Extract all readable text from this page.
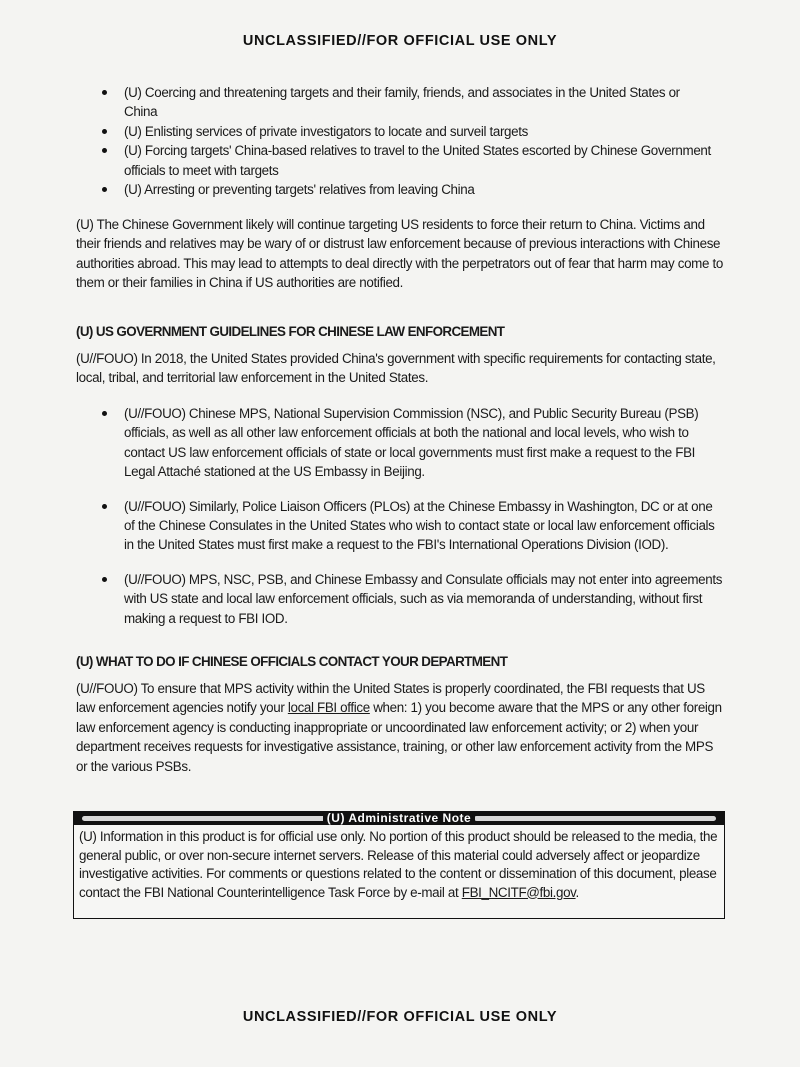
UNCLASSIFIED//FOR OFFICIAL USE ONLY
(U) Coercing and threatening targets and their family, friends, and associates in the United States or China
(U) Enlisting services of private investigators to locate and surveil targets
(U) Forcing targets' China-based relatives to travel to the United States escorted by Chinese Government officials to meet with targets
(U) Arresting or preventing targets' relatives from leaving China

(U) The Chinese Government likely will continue targeting US residents to force their return to China. Victims and their friends and relatives may be wary of or distrust law enforcement because of previous interactions with Chinese authorities abroad. This may lead to attempts to deal directly with the perpetrators out of fear that harm may come to them or their families in China if US authorities are notified.

(U) US GOVERNMENT GUIDELINES FOR CHINESE LAW ENFORCEMENT

(U//FOUO) In 2018, the United States provided China's government with specific requirements for contacting state, local, tribal, and territorial law enforcement in the United States.

(U//FOUO) Chinese MPS, National Supervision Commission (NSC), and Public Security Bureau (PSB) officials, as well as all other law enforcement officials at both the national and local levels, who wish to contact US law enforcement officials of state or local governments must first make a request to the FBI Legal Attaché stationed at the US Embassy in Beijing.
(U//FOUO) Similarly, Police Liaison Officers (PLOs) at the Chinese Embassy in Washington, DC or at one of the Chinese Consulates in the United States who wish to contact state or local law enforcement officials in the United States must first make a request to the FBI's International Operations Division (IOD).
(U//FOUO) MPS, NSC, PSB, and Chinese Embassy and Consulate officials may not enter into agreements with US state and local law enforcement officials, such as via memoranda of understanding, without first making a request to FBI IOD.
(U) WHAT TO DO IF CHINESE OFFICIALS CONTACT YOUR DEPARTMENT

(U//FOUO) To ensure that MPS activity within the United States is properly coordinated, the FBI requests that US law enforcement agencies notify your local FBI office when: 1) you become aware that the MPS or any other foreign law enforcement agency is conducting inappropriate or uncoordinated law enforcement activity; or 2) when your department receives requests for investigative assistance, training, or other law enforcement activity from the MPS or the various PSBs.

(U) Administrative Note
(U) Information in this product is for official use only. No portion of this product should be released to the media, the general public, or over non-secure internet servers. Release of this material could adversely affect or jeopardize investigative activities. For comments or questions related to the content or dissemination of this document, please contact the FBI National Counterintelligence Task Force by e-mail at FBI_NCITF@fbi.gov.
UNCLASSIFIED//FOR OFFICIAL USE ONLY
